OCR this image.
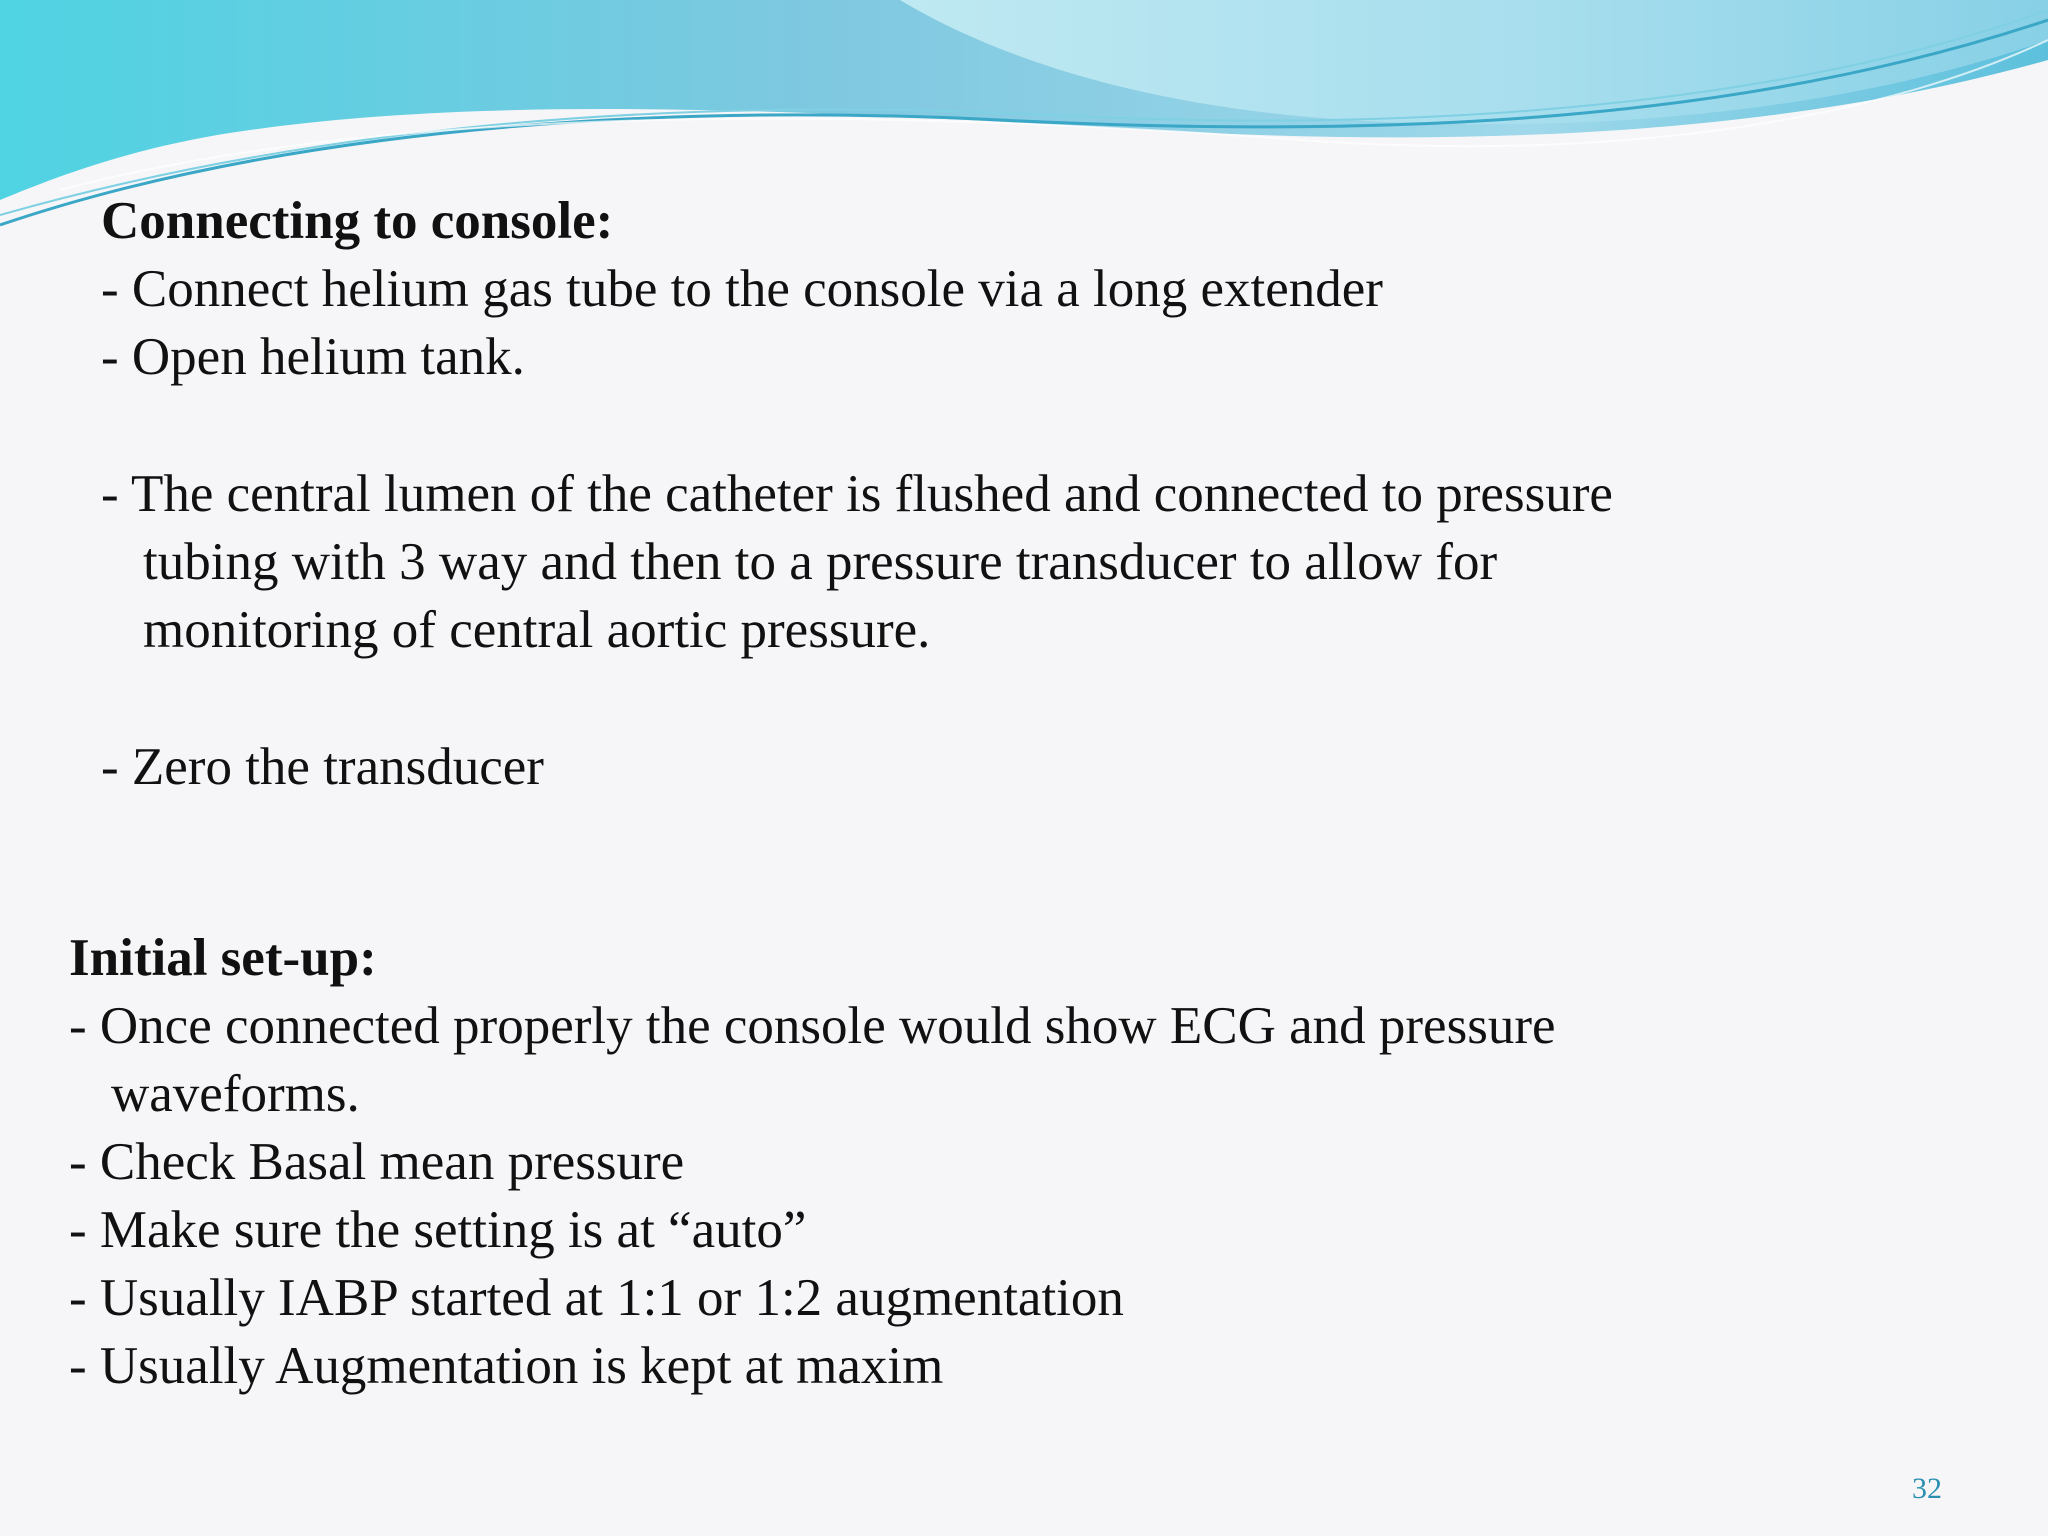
Connecting to console:

- Connect helium gas tube to the console via a long extender

- Open helium tank.

- The central lumen of the catheter is flushed and connected to pressure

tubing with 3 way and then to a pressure transducer to allow for

monitoring of central aortic pressure.

- Zero the transducer

Initial set-up:

- Once connected properly the console would show ECG and pressure

waveforms.

- Check Basal mean pressure

- Make sure the setting is at “auto”

- Usually IABP started at 1:1 or 1:2 augmentation

- Usually Augmentation is kept at maxim

32
